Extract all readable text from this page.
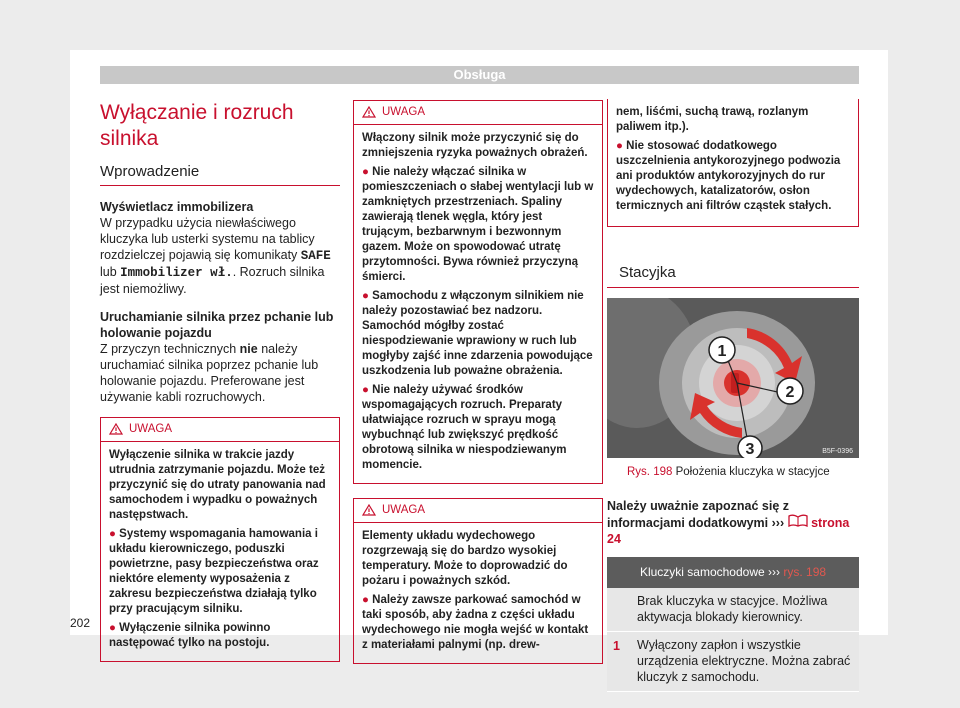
Obsługa
Wyłączanie i rozruch silnika
Wprowadzenie
Wyświetlacz immobilizera

W przypadku użycia niewłaściwego kluczyka lub usterki systemu na tablicy rozdzielczej pojawią się komunikaty SAFE lub Immobilizer wł.. Rozruch silnika jest niemożliwy.

Uruchamianie silnika przez pchanie lub holowanie pojazdu

Z przyczyn technicznych nie należy uruchamiać silnika poprzez pchanie lub holowanie pojazdu. Preferowane jest używanie kabli rozruchowych.

UWAGA

Wyłączenie silnika w trakcie jazdy utrudnia zatrzymanie pojazdu. Może też przyczynić się do utraty panowania nad samochodem i wypadku o poważnych następstwach.

● Systemy wspomagania hamowania i układu kierowniczego, poduszki powietrzne, pasy bezpieczeństwa oraz niektóre elementy wyposażenia z zakresu bezpieczeństwa działają tylko przy pracującym silniku.

● Wyłączenie silnika powinno następować tylko na postoju.

UWAGA

Włączony silnik może przyczynić się do zmniejszenia ryzyka poważnych obrażeń.

● Nie należy włączać silnika w pomieszczeniach o słabej wentylacji lub w zamkniętych przestrzeniach. Spaliny zawierają tlenek węgla, który jest trującym, bezbarwnym i bezwonnym gazem. Może on spowodować utratę przytomności. Bywa również przyczyną śmierci.

● Samochodu z włączonym silnikiem nie należy pozostawiać bez nadzoru. Samochód mógłby zostać niespodziewanie wprawiony w ruch lub mogłyby zajść inne zdarzenia powodujące uszkodzenia lub poważne obrażenia.

● Nie należy używać środków wspomagających rozruch. Preparaty ułatwiające rozruch w sprayu mogą wybuchnąć lub zwiększyć prędkość obrotową silnika w niespodziewanym momencie.

UWAGA

Elementy układu wydechowego rozgrzewają się do bardzo wysokiej temperatury. Może to doprowadzić do pożaru i poważnych szkód.

● Należy zawsze parkować samochód w taki sposób, aby żadna z części układu wydechowego nie mogła wejść w kontakt z materiałami palnymi (np. drew-

nem, liśćmi, suchą trawą, rozlanym paliwem itp.).

● Nie stosować dodatkowego uszczelnienia antykorozyjnego podwozia ani produktów antykorozyjnych do rur wydechowych, katalizatorów, osłon termicznych ani filtrów cząstek stałych.

Stacyjka
1
2
3	B5F-0396
Rys. 198 Położenia kluczyka w stacyjce
Należy uważnie zapoznać się z informacjami dodatkowymi ››› strona 24
Kluczyki samochodowe ››› rys. 198
Brak kluczyka w stacyjce. Możliwa aktywacja blokady kierownicy.
1	Wyłączony zapłon i wszystkie urządzenia elektryczne. Można zabrać kluczyk z samochodu.
202
